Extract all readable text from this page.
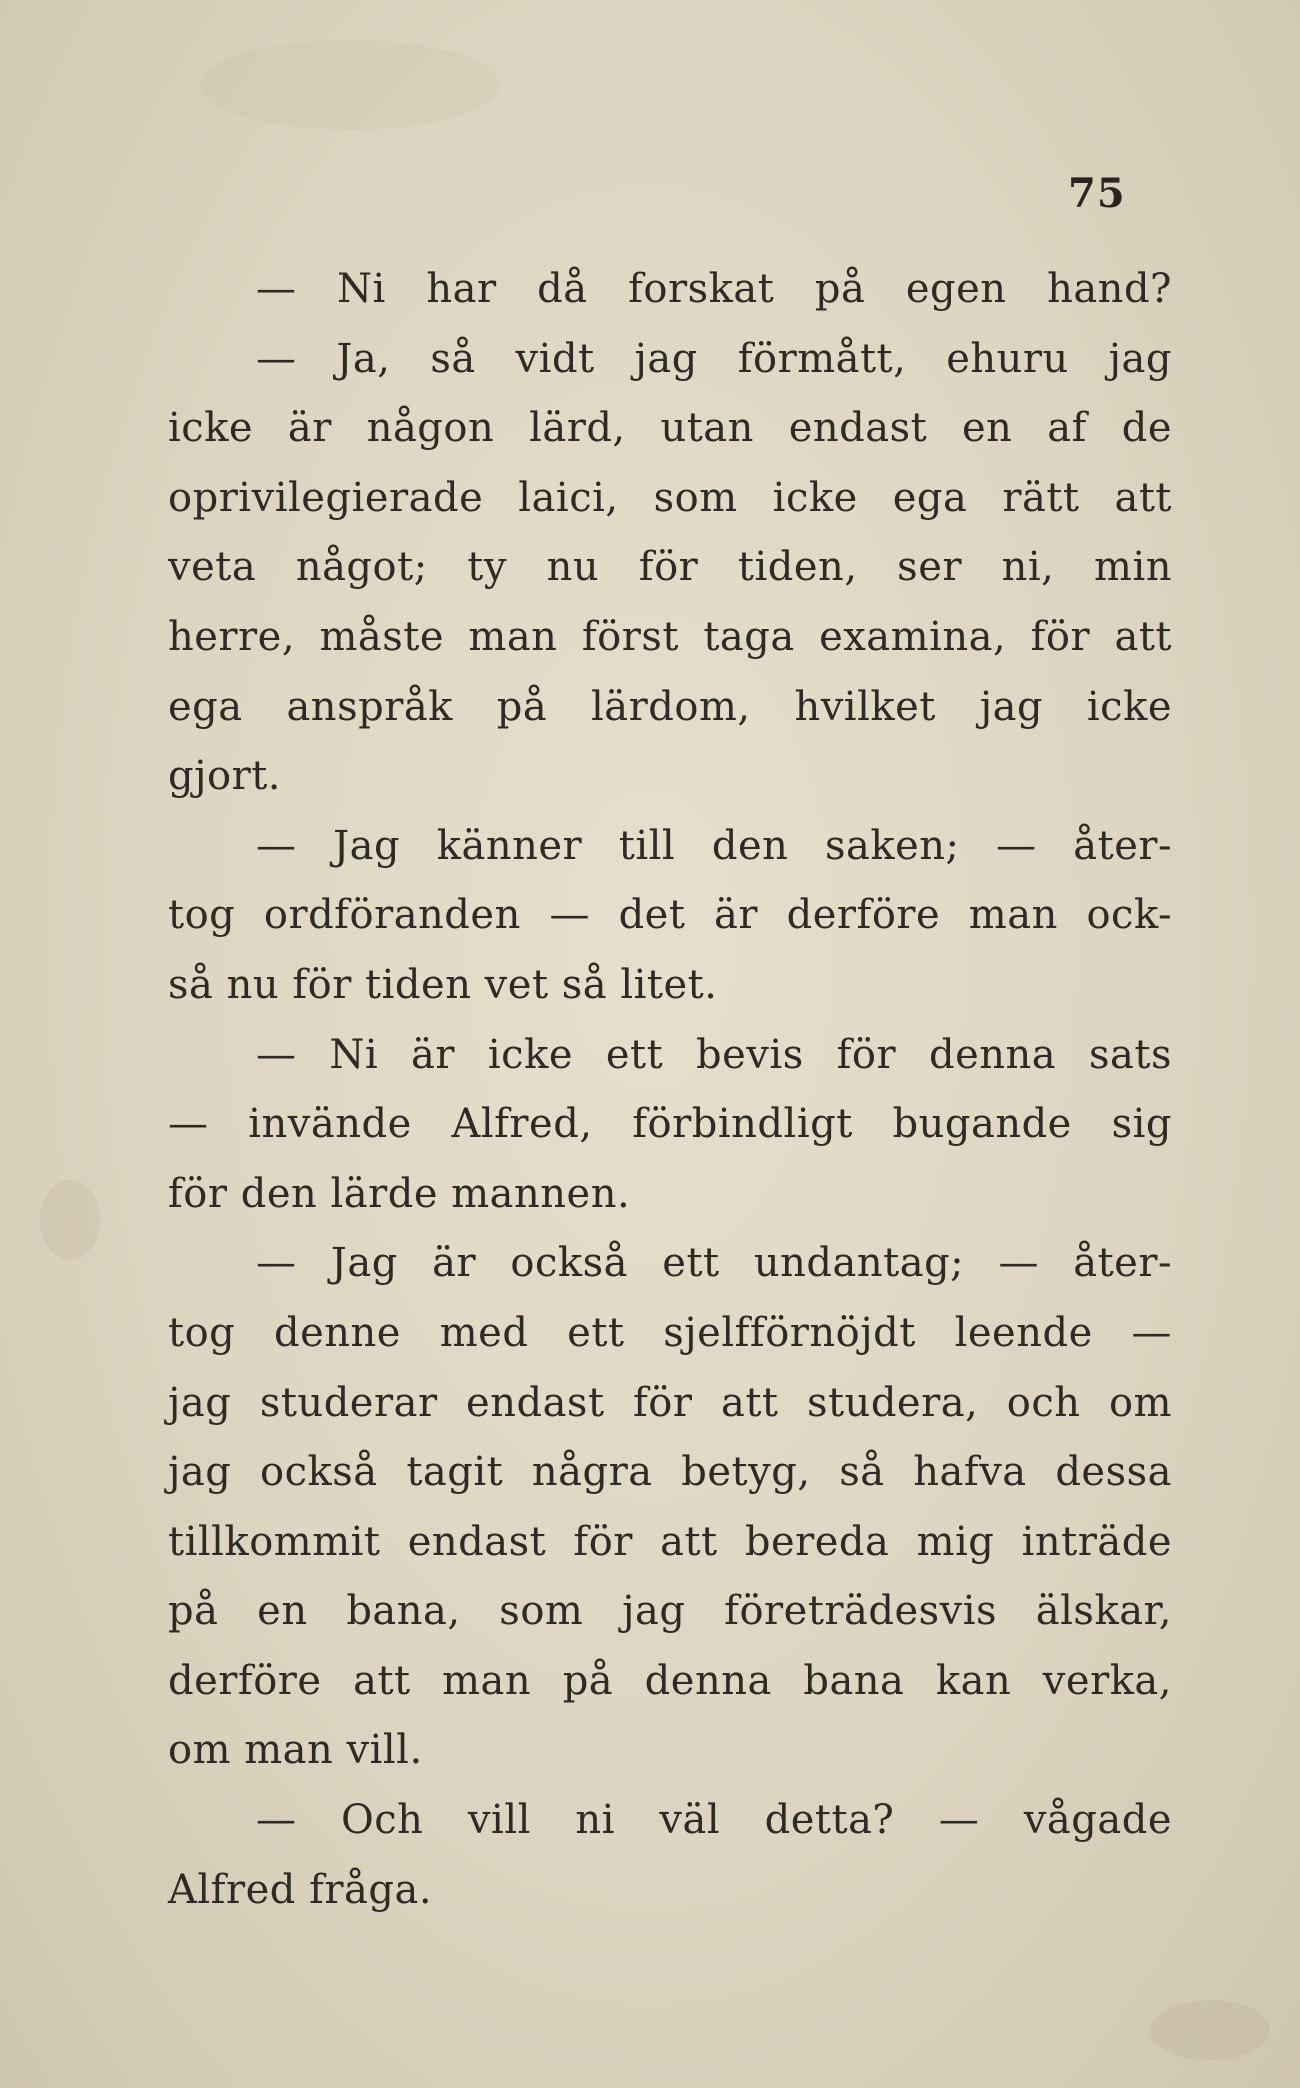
75
— Ni har då forskat på egen hand?
— Ja, så vidt jag förmått, ehuru jag
icke är någon lärd, utan endast en af de
oprivilegierade laici, som icke ega rätt att
veta något; ty nu för tiden, ser ni, min
herre, måste man först taga examina, för att
ega anspråk på lärdom, hvilket jag icke
gjort.
— Jag känner till den saken; — åter-
tog ordföranden — det är derföre man ock-
så nu för tiden vet så litet.
— Ni är icke ett bevis för denna sats
— invände Alfred, förbindligt bugande sig
för den lärde mannen.
— Jag är också ett undantag; — åter-
tog denne med ett sjelfförnöjdt leende —
jag studerar endast för att studera, och om
jag också tagit några betyg, så hafva dessa
tillkommit endast för att bereda mig inträde
på en bana, som jag företrädesvis älskar,
derföre att man på denna bana kan verka,
om man vill.
— Och vill ni väl detta? — vågade
Alfred fråga.
